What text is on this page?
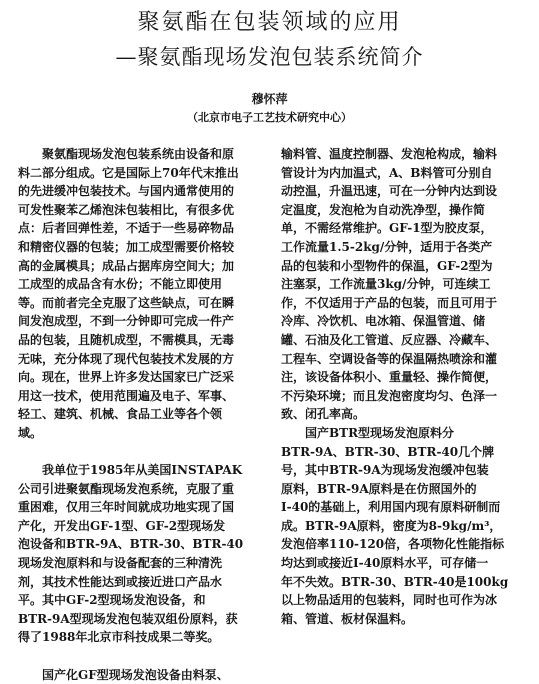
聚氨酯在包装领域的应用
—聚氨酯现场发泡包装系统简介
穆怀萍
（北京市电子工艺技术研究中心）
　　聚氨酯现场发泡包装系统由设备和原
料二部分组成。它是国际上70年代末推出
的先进缓冲包装技术。与国内通常使用的
可发性聚苯乙烯泡沫包装相比，有很多优
点：后者回弹性差，不适于一些易碎物品
和精密仪器的包装；加工成型需要价格较
高的金属模具；成品占据库房空间大；加
工成型的成品含有水份；不能立即使用
等。而前者完全克服了这些缺点，可在瞬
间发泡成型，不到一分钟即可完成一件产
品的包装，且随机成型，不需模具，无毒
无味，充分体现了现代包装技术发展的方
向。现在，世界上许多发达国家已广泛采
用这一技术，使用范围遍及电子、军事、
轻工、建筑、机械、食品工业等各个领
域。
　　我单位于1985年从美国INSTAPAK
公司引进聚氨酯现场发泡系统，克服了重
重困难，仅用三年时间就成功地实现了国
产化，开发出GF-1型、GF-2型现场发
泡设备和BTR-9A、BTR-30、BTR-40
现场发泡原料和与设备配套的三种清洗
剂，其技术性能达到或接近进口产品水
平。其中GF-2型现场发泡设备，和
BTR-9A型现场发泡包装双组份原料，获
得了1988年北京市科技成果二等奖。
　　国产化GF型现场发泡设备由料泵、
输料管、温度控制器、发泡枪构成，输料
管设计为内加温式，A、B料管可分别自
动控温，升温迅速，可在一分钟内达到设
定温度，发泡枪为自动洗净型，操作简
单，不需经常维护。GF-1型为胶皮泵，
工作流量1.5-2kg/分钟，适用于各类产
品的包装和小型物件的保温，GF-2型为
注塞泵，工作流量3kg/分钟，可连续工
作，不仅适用于产品的包装，而且可用于
冷库、冷饮机、电冰箱、保温管道、储
罐、石油及化工管道、反应器、冷藏车、
工程车、空调设备等的保温隔热喷涂和灌
注，该设备体积小、重量轻、操作简便，
不污染环境；而且发泡密度均匀、色泽一
致、闭孔率高。
　　国产BTR型现场发泡原料分
BTR-9A、BTR-30、BTR-40几个牌
号，其中BTR-9A为现场发泡缓冲包装
原料，BTR-9A原料是在仿照国外的
I-40的基础上，利用国内现有原料研制而
成。BTR-9A原料，密度为8-9kg/m³，
发泡倍率110-120倍，各项物化性能指标
均达到或接近I-40原料水平，可存储一
年不失效。BTR-30、BTR-40是100kg
以上物品适用的包装料，同时也可作为冰
箱、管道、板材保温料。
